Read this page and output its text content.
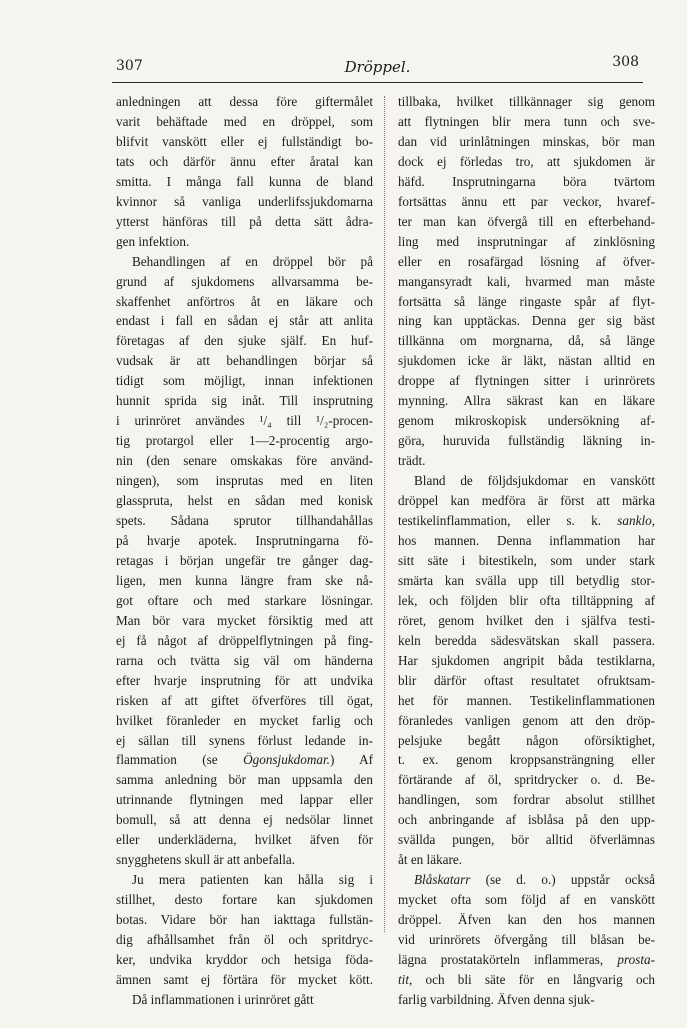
307	Dröppel.	308
anledningen att dessa före giftermålet
varit behäftade med en dröppel, som
blifvit vanskött eller ej fullständigt bo-
tats och därför ännu efter åratal kan
smitta. I många fall kunna de bland
kvinnor så vanliga underlifssjukdomarna
ytterst hänföras till på detta sätt ådra-
gen infektion.
Behandlingen af en dröppel bör på
grund af sjukdomens allvarsamma be-
skaffenhet anförtros åt en läkare och
endast i fall en sådan ej står att anlita
företagas af den sjuke själf. En huf-
vudsak är att behandlingen börjar så
tidigt som möjligt, innan infektionen
hunnit sprida sig inåt. Till insprutning
i urinröret användes ¹/₄ till ¹/₂-procen-
tig protargol eller 1—2-procentig argo-
nin (den senare omskakas före använd-
ningen), som insprutas med en liten
glasspruta, helst en sådan med konisk
spets. Sådana sprutor tillhandahållas
på hvarje apotek. Insprutningarna fö-
retagas i början ungefär tre gånger dag-
ligen, men kunna längre fram ske nå-
got oftare och med starkare lösningar.
Man bör vara mycket försiktig med att
ej få något af dröppelflytningen på fing-
rarna och tvätta sig väl om händerna
efter hvarje insprutning för att undvika
risken af att giftet öfverföres till ögat,
hvilket föranleder en mycket farlig och
ej sällan till synens förlust ledande in-
flammation (se Ögonsjukdomar.) Af
samma anledning bör man uppsamla den
utrinnande flytningen med lappar eller
bomull, så att denna ej nedsölar linnet
eller underkläderna, hvilket äfven för
snygghetens skull är att anbefalla.
Ju mera patienten kan hålla sig i
stillhet, desto fortare kan sjukdomen
botas. Vidare bör han iakttaga fullstän-
dig afhållsamhet från öl och spritdryc-
ker, undvika kryddor och hetsiga föda-
ämnen samt ej förtära för mycket kött.
Då inflammationen i urinröret gått
tillbaka, hvilket tillkännager sig genom
att flytningen blir mera tunn och sve-
dan vid urinlåtningen minskas, bör man
dock ej förledas tro, att sjukdomen är
häfd. Insprutningarna böra tvärtom
fortsättas ännu ett par veckor, hvaref-
ter man kan öfvergå till en efterbehand-
ling med insprutningar af zinklösning
eller en rosafärgad lösning af öfver-
mangansyradt kali, hvarmed man måste
fortsätta så länge ringaste spår af flyt-
ning kan upptäckas. Denna ger sig bäst
tillkänna om morgnarna, då, så länge
sjukdomen icke är läkt, nästan alltid en
droppe af flytningen sitter i urinrörets
mynning. Allra säkrast kan en läkare
genom mikroskopisk undersökning af-
göra, huruvida fullständig läkning in-
trädt.
Bland de följdsjukdomar en vanskött
dröppel kan medföra är först att märka
testikelinflammation, eller s. k. sanklo,
hos mannen. Denna inflammation har
sitt säte i bitestikeln, som under stark
smärta kan svälla upp till betydlig stor-
lek, och följden blir ofta tilltäppning af
röret, genom hvilket den i själfva testi-
keln beredda sädesvätskan skall passera.
Har sjukdomen angripit båda testiklarna,
blir därför oftast resultatet ofruktsam-
het för mannen. Testikelinflammationen
föranledes vanligen genom att den dröp-
pelsjuke begått någon oförsiktighet,
t. ex. genom kroppsansträngning eller
förtärande af öl, spritdrycker o. d. Be-
handlingen, som fordrar absolut stillhet
och anbringande af isblåsa på den upp-
svällda pungen, bör alltid öfverlämnas
åt en läkare.
Blåskatarr (se d. o.) uppstår också
mycket ofta som följd af en vanskött
dröppel. Äfven kan den hos mannen
vid urinrörets öfvergång till blåsan be-
lägna prostatakörteln inflammeras, prosta-
tit, och bli säte för en långvarig och
farlig varbildning. Äfven denna sjuk-
